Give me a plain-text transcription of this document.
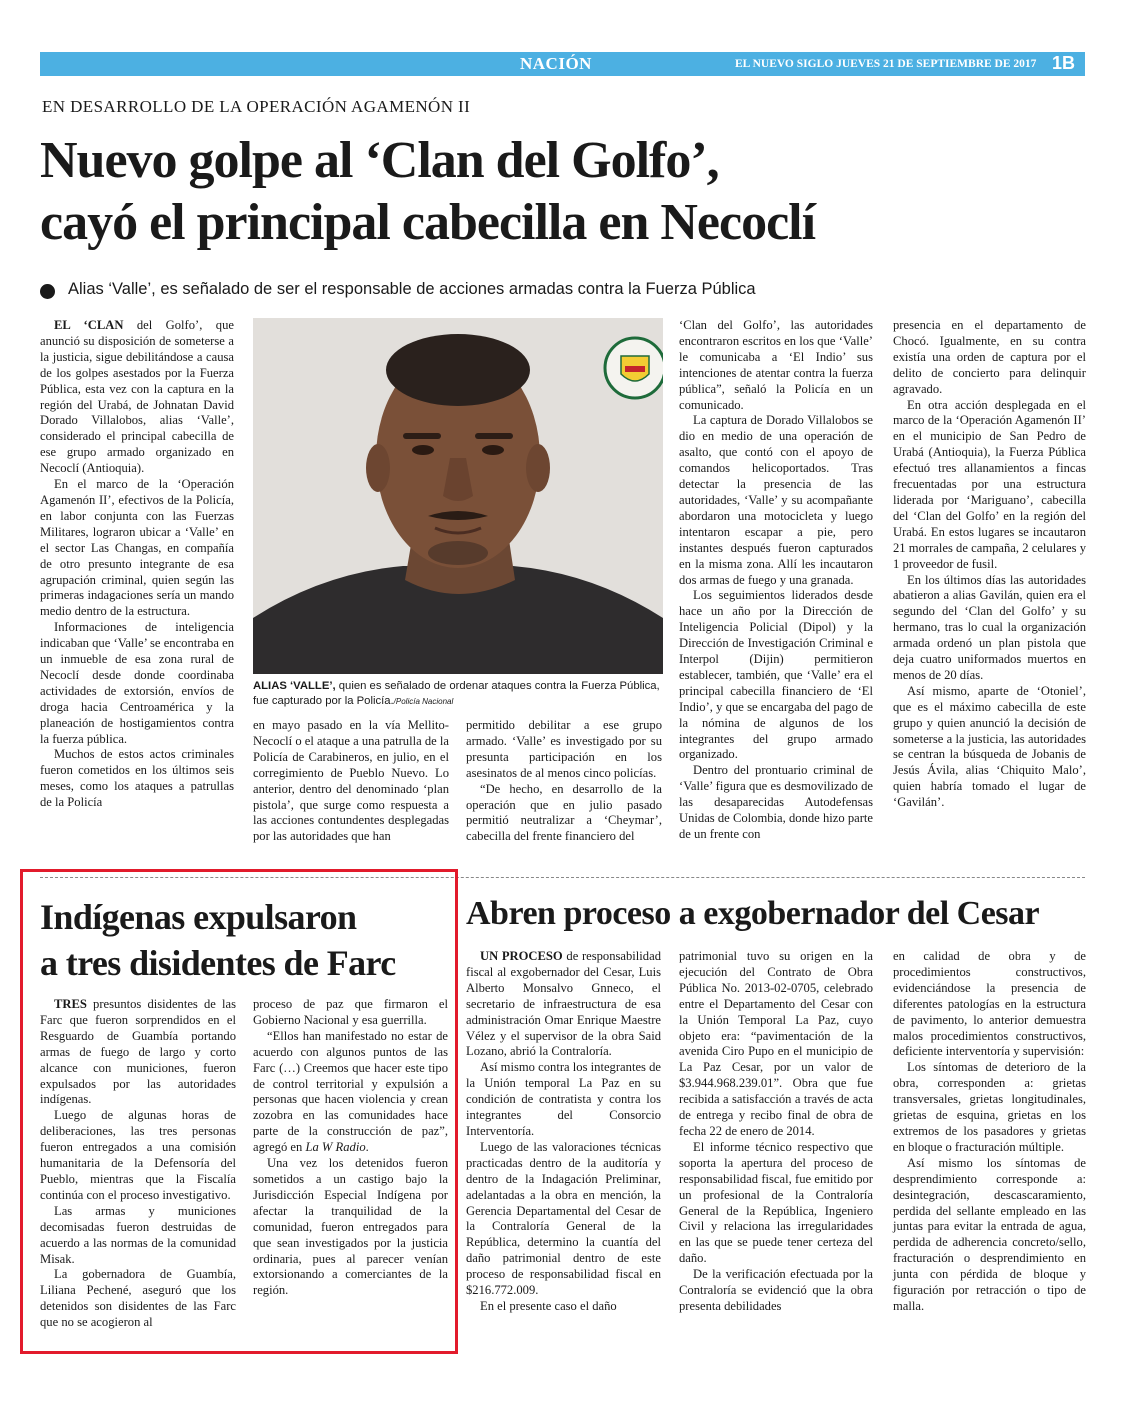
NACIÓN	EL NUEVO SIGLO JUEVES 21 DE SEPTIEMBRE DE 2017 1B
EN DESARROLLO DE LA OPERACIÓN AGAMENÓN II
Nuevo golpe al ‘Clan del Golfo’,
cayó el principal cabecilla en Necoclí
Alias ‘Valle’, es señalado de ser el responsable de acciones armadas contra la Fuerza Pública

EL ‘CLAN del Golfo’, que anunció su disposición de someterse a la justicia, sigue debilitándose a causa de los golpes asestados por la Fuerza Pública, esta vez con la captura en la región del Urabá, de Johnatan David Dorado Villalobos, alias ‘Valle’, considerado el principal cabecilla de ese grupo armado organizado en Necoclí (Antioquia).

En el marco de la ‘Operación Agamenón II’, efectivos de la Policía, en labor conjunta con las Fuerzas Militares, lograron ubicar a ‘Valle’ en el sector Las Changas, en compañía de otro presunto integrante de esa agrupación criminal, quien según las primeras indagaciones sería un mando medio dentro de la estructura.

Informaciones de inteligencia indicaban que ‘Valle’ se encontraba en un inmueble de esa zona rural de Necoclí desde donde coordinaba actividades de extorsión, envíos de droga hacia Centroamérica y la planeación de hostigamientos contra la fuerza pública.

Muchos de estos actos criminales fueron cometidos en los últimos seis meses, como los ataques a patrullas de la Policía

ALIAS ‘VALLE’, quien es señalado de ordenar ataques contra la Fuerza Pública, fue capturado por la Policía./Policía Nacional

en mayo pasado en la vía Mellito-Necoclí o el ataque a una patrulla de la Policía de Carabineros, en julio, en el corregimiento de Pueblo Nuevo. Lo anterior, dentro del denominado ‘plan pistola’, que surge como respuesta a las acciones contundentes desplegadas por las autoridades que han

permitido debilitar a ese grupo armado. ‘Valle’ es investigado por su presunta participación en los asesinatos de al menos cinco policías.

“De hecho, en desarrollo de la operación que en julio pasado permitió neutralizar a ‘Cheymar’, cabecilla del frente financiero del

‘Clan del Golfo’, las autoridades encontraron escritos en los que ‘Valle’ le comunicaba a ‘El Indio’ sus intenciones de atentar contra la fuerza pública”, señaló la Policía en un comunicado.

La captura de Dorado Villalobos se dio en medio de una operación de asalto, que contó con el apoyo de comandos helicoportados. Tras detectar la presencia de las autoridades, ‘Valle’ y su acompañante abordaron una motocicleta y luego intentaron escapar a pie, pero instantes después fueron capturados en la misma zona. Allí les incautaron dos armas de fuego y una granada.

Los seguimientos liderados desde hace un año por la Dirección de Inteligencia Policial (Dipol) y la Dirección de Investigación Criminal e Interpol (Dijin) permitieron establecer, también, que ‘Valle’ era el principal cabecilla financiero de ‘El Indio’, y que se encargaba del pago de la nómina de algunos de los integrantes del grupo armado organizado.

Dentro del prontuario criminal de ‘Valle’ figura que es desmovilizado de las desaparecidas Autodefensas Unidas de Colombia, donde hizo parte de un frente con

presencia en el departamento de Chocó. Igualmente, en su contra existía una orden de captura por el delito de concierto para delinquir agravado.

En otra acción desplegada en el marco de la ‘Operación Agamenón II’ en el municipio de San Pedro de Urabá (Antioquia), la Fuerza Pública efectuó tres allanamientos a fincas frecuentadas por una estructura liderada por ‘Mariguano’, cabecilla del ‘Clan del Golfo’ en la región del Urabá. En estos lugares se incautaron 21 morrales de campaña, 2 celulares y 1 proveedor de fusil.

En los últimos días las autoridades abatieron a alias Gavilán, quien era el segundo del ‘Clan del Golfo’ y su hermano, tras lo cual la organización armada ordenó un plan pistola que deja cuatro uniformados muertos en menos de 20 días.

Así mismo, aparte de ‘Otoniel’, que es el máximo cabecilla de este grupo y quien anunció la decisión de someterse a la justicia, las autoridades se centran la búsqueda de Jobanis de Jesús Ávila, alias ‘Chiquito Malo’, quien habría tomado el lugar de ‘Gavilán’.

Indígenas expulsaron
a tres disidentes de Farc

TRES presuntos disidentes de las Farc que fueron sorprendidos en el Resguardo de Guambía portando armas de fuego de largo y corto alcance con municiones, fueron expulsados por las autoridades indígenas.

Luego de algunas horas de deliberaciones, las tres personas fueron entregados a una comisión humanitaria de la Defensoría del Pueblo, mientras que la Fiscalía continúa con el proceso investigativo.

Las armas y municiones decomisadas fueron destruidas de acuerdo a las normas de la comunidad Misak.

La gobernadora de Guambía, Liliana Pechené, aseguró que los detenidos son disidentes de las Farc que no se acogieron al

proceso de paz que firmaron el Gobierno Nacional y esa guerrilla.

“Ellos han manifestado no estar de acuerdo con algunos puntos de las Farc (…) Creemos que hacer este tipo de control territorial y expulsión a personas que hacen violencia y crean zozobra en las comunidades hace parte de la construcción de paz”, agregó en La W Radio.

Una vez los detenidos fueron sometidos a un castigo bajo la Jurisdicción Especial Indígena por afectar la tranquilidad de la comunidad, fueron entregados para que sean investigados por la justicia ordinaria, pues al parecer venían extorsionando a comerciantes de la región.

Abren proceso a exgobernador del Cesar

UN PROCESO de responsabilidad fiscal al exgobernador del Cesar, Luis Alberto Monsalvo Gnneco, el secretario de infraestructura de esa administración Omar Enrique Maestre Vélez y el supervisor de la obra Said Lozano, abrió la Contraloría.

Así mismo contra los integrantes de la Unión temporal La Paz en su condición de contratista y contra los integrantes del Consorcio Interventoría.

Luego de las valoraciones técnicas practicadas dentro de la auditoría y dentro de la Indagación Preliminar, adelantadas a la obra en mención, la Gerencia Departamental del Cesar de la Contraloría General de la República, determino la cuantía del daño patrimonial dentro de este proceso de responsabilidad fiscal en $216.772.009.

En el presente caso el daño

patrimonial tuvo su origen en la ejecución del Contrato de Obra Pública No. 2013-02-0705, celebrado entre el Departamento del Cesar con la Unión Temporal La Paz, cuyo objeto era: “pavimentación de la avenida Ciro Pupo en el municipio de La Paz Cesar, por un valor de $3.944.968.239.01”. Obra que fue recibida a satisfacción a través de acta de entrega y recibo final de obra de fecha 22 de enero de 2014.

El informe técnico respectivo que soporta la apertura del proceso de responsabilidad fiscal, fue emitido por un profesional de la Contraloría General de la República, Ingeniero Civil y relaciona las irregularidades en las que se puede tener certeza del daño.

De la verificación efectuada por la Contraloría se evidenció que la obra presenta debilidades

en calidad de obra y de procedimientos constructivos, evidenciándose la presencia de diferentes patologías en la estructura de pavimento, lo anterior demuestra malos procedimientos constructivos, deficiente interventoría y supervisión:

Los síntomas de deterioro de la obra, corresponden a: grietas transversales, grietas longitudinales, grietas de esquina, grietas en los extremos de los pasadores y grietas en bloque o fracturación múltiple.

Así mismo los síntomas de desprendimiento corresponde a: desintegración, descascaramiento, perdida del sellante empleado en las juntas para evitar la entrada de agua, perdida de adherencia concreto/sello, fracturación o desprendimiento en junta con pérdida de bloque y figuración por retracción o tipo de malla.
